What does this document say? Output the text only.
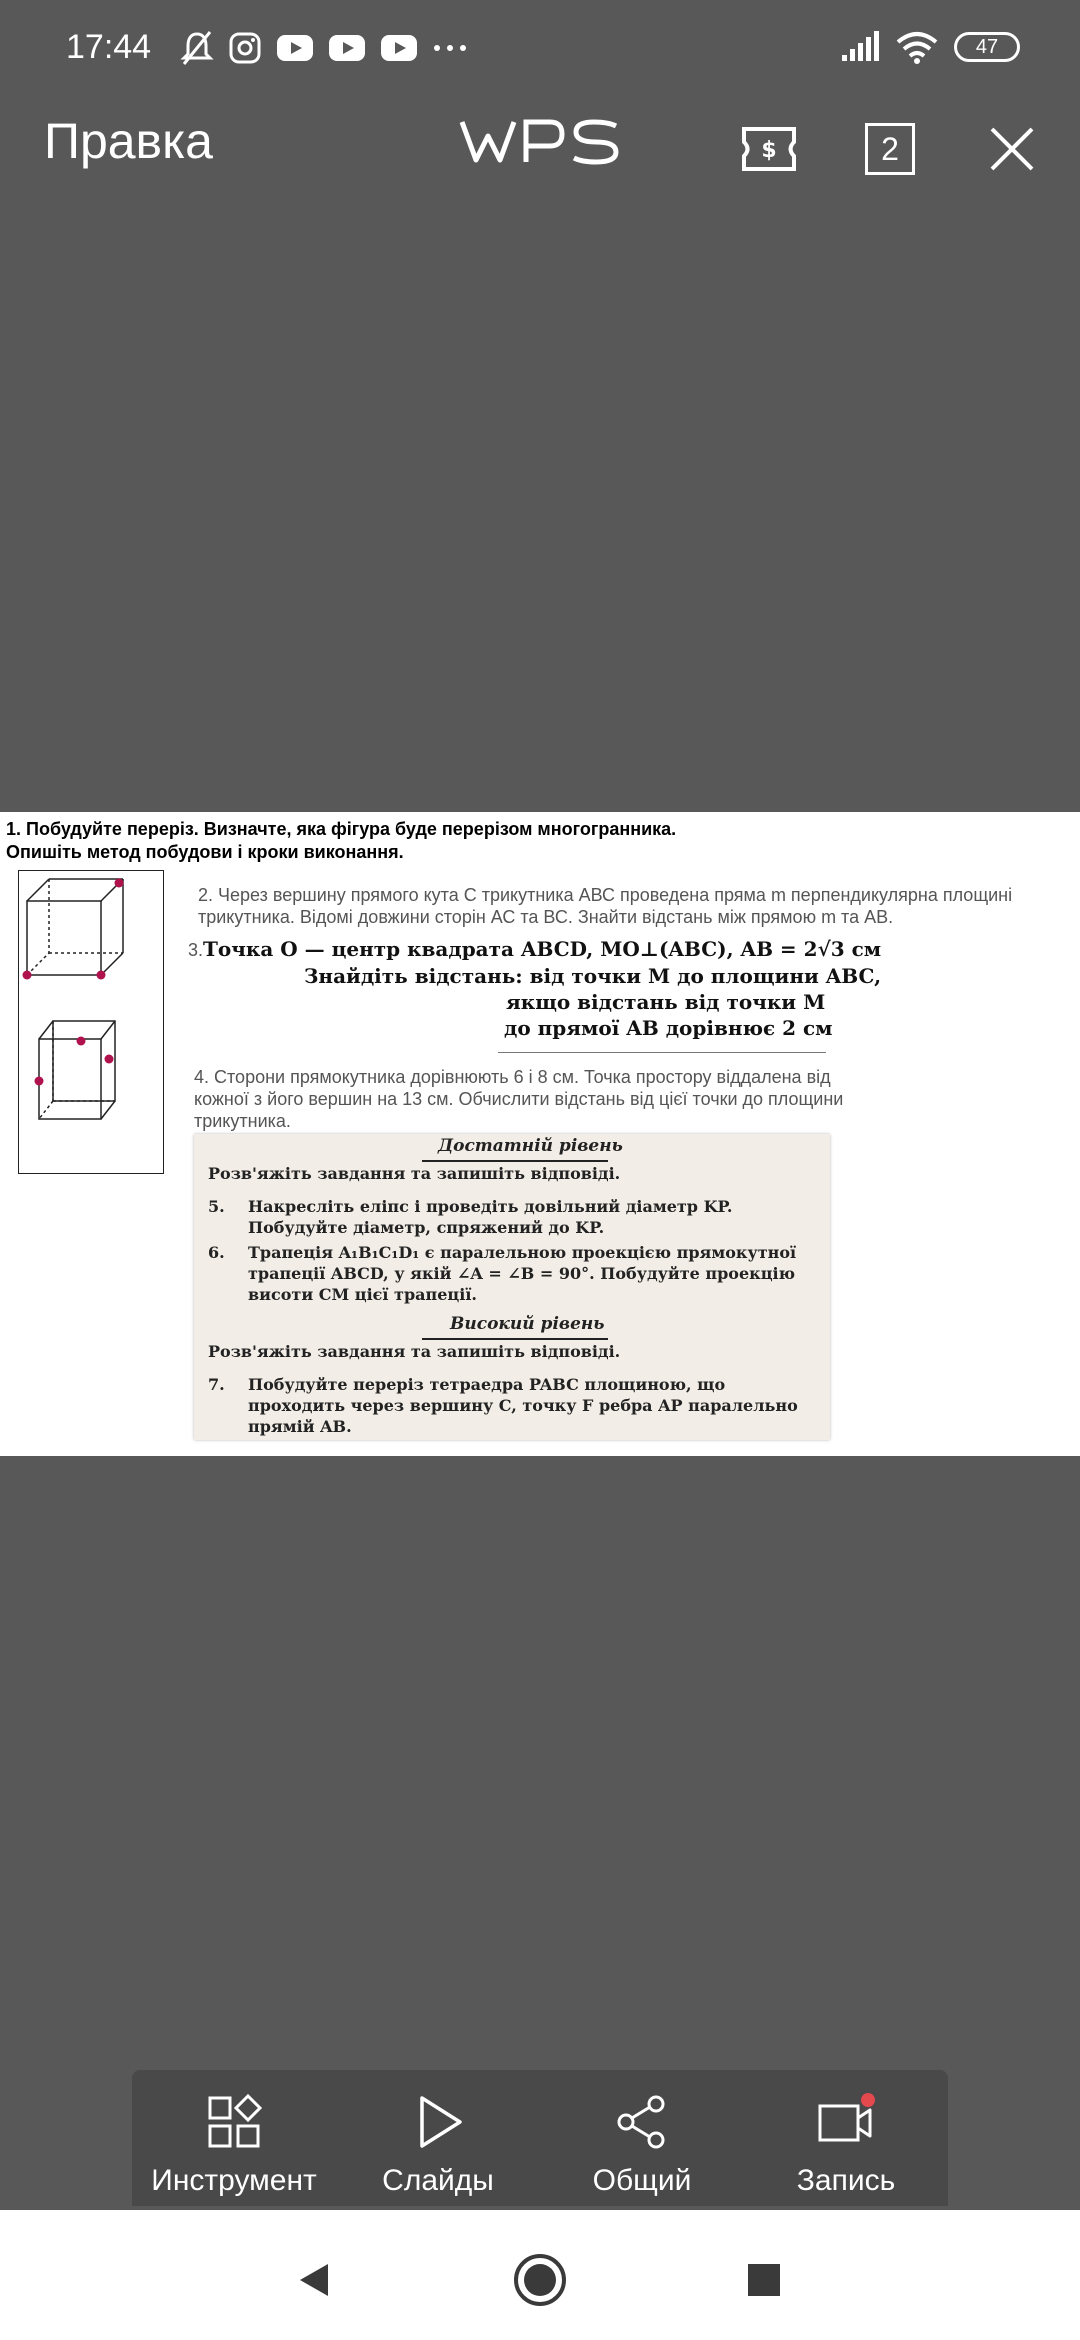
17:44	47
Правка	$	2
1. Побудуйте переріз. Визначте, яка фігура буде перерізом многогранника.
Опишіть метод побудови і кроки виконання.
2. Через вершину прямого кута С трикутника АВС проведена пряма m перпендикулярна площині
трикутника. Відомі довжини сторін АС та ВС. Знайти відстань між прямою m та АВ.
3.Точка O — центр квадрата ABCD, MO⊥(ABC), AB = 2√3 см
Знайдіть відстань: від точки M до площини ABC,
якщо відстань від точки M
до прямої AB дорівнює 2 см
4. Сторони прямокутника дорівнюють 6 і 8 см. Точка простору віддалена від
кожної з його вершин на 13 см. Обчислити відстань від цієї точки до площини
трикутника.
Достатній рівень
Розв'яжіть завдання та запишіть відповіді.
5.	Накресліть еліпс і проведіть довільний діаметр KP. Побудуйте діаметр, спряжений до KP.
6.	Трапеція A₁B₁C₁D₁ є паралельною проекцією прямокутної трапеції ABCD, у якій ∠A = ∠B = 90°. Побудуйте проекцію висоти CM цієї трапеції.
Високий рівень
Розв'яжіть завдання та запишіть відповіді.
7.	Побудуйте переріз тетраедра PABC площиною, що проходить через вершину C, точку F ребра AP паралельно прямій AB.
Инструмент	Слайды	Общий	Запись
